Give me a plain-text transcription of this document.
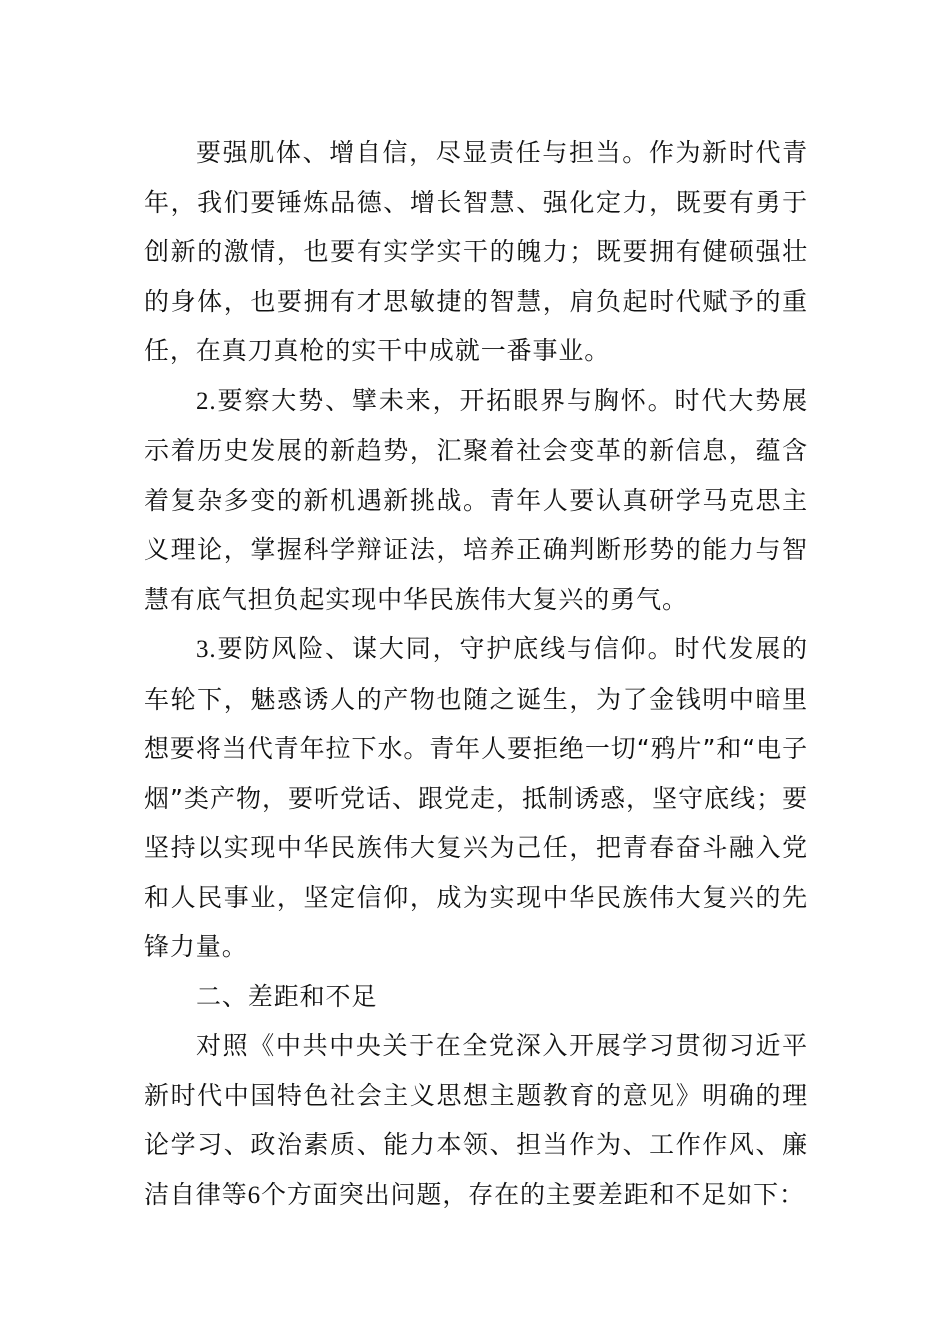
要强肌体、增自信，尽显责任与担当。作为新时代青年，我们要锤炼品德、增长智慧、强化定力，既要有勇于创新的激情，也要有实学实干的魄力；既要拥有健硕强壮的身体，也要拥有才思敏捷的智慧，肩负起时代赋予的重任，在真刀真枪的实干中成就一番事业。

2.要察大势、擘未来，开拓眼界与胸怀。时代大势展示着历史发展的新趋势，汇聚着社会变革的新信息，蕴含着复杂多变的新机遇新挑战。青年人要认真研学马克思主义理论，掌握科学辩证法，培养正确判断形势的能力与智慧有底气担负起实现中华民族伟大复兴的勇气。

3.要防风险、谋大同，守护底线与信仰。时代发展的车轮下，魅惑诱人的产物也随之诞生，为了金钱明中暗里想要将当代青年拉下水。青年人要拒绝一切“鸦片”和“电子烟”类产物，要听党话、跟党走，抵制诱惑，坚守底线；要坚持以实现中华民族伟大复兴为己任，把青春奋斗融入党和人民事业，坚定信仰，成为实现中华民族伟大复兴的先锋力量。

二、差距和不足

对照《中共中央关于在全党深入开展学习贯彻习近平新时代中国特色社会主义思想主题教育的意见》明确的理论学习、政治素质、能力本领、担当作为、工作作风、廉洁自律等6个方面突出问题，存在的主要差距和不足如下：
